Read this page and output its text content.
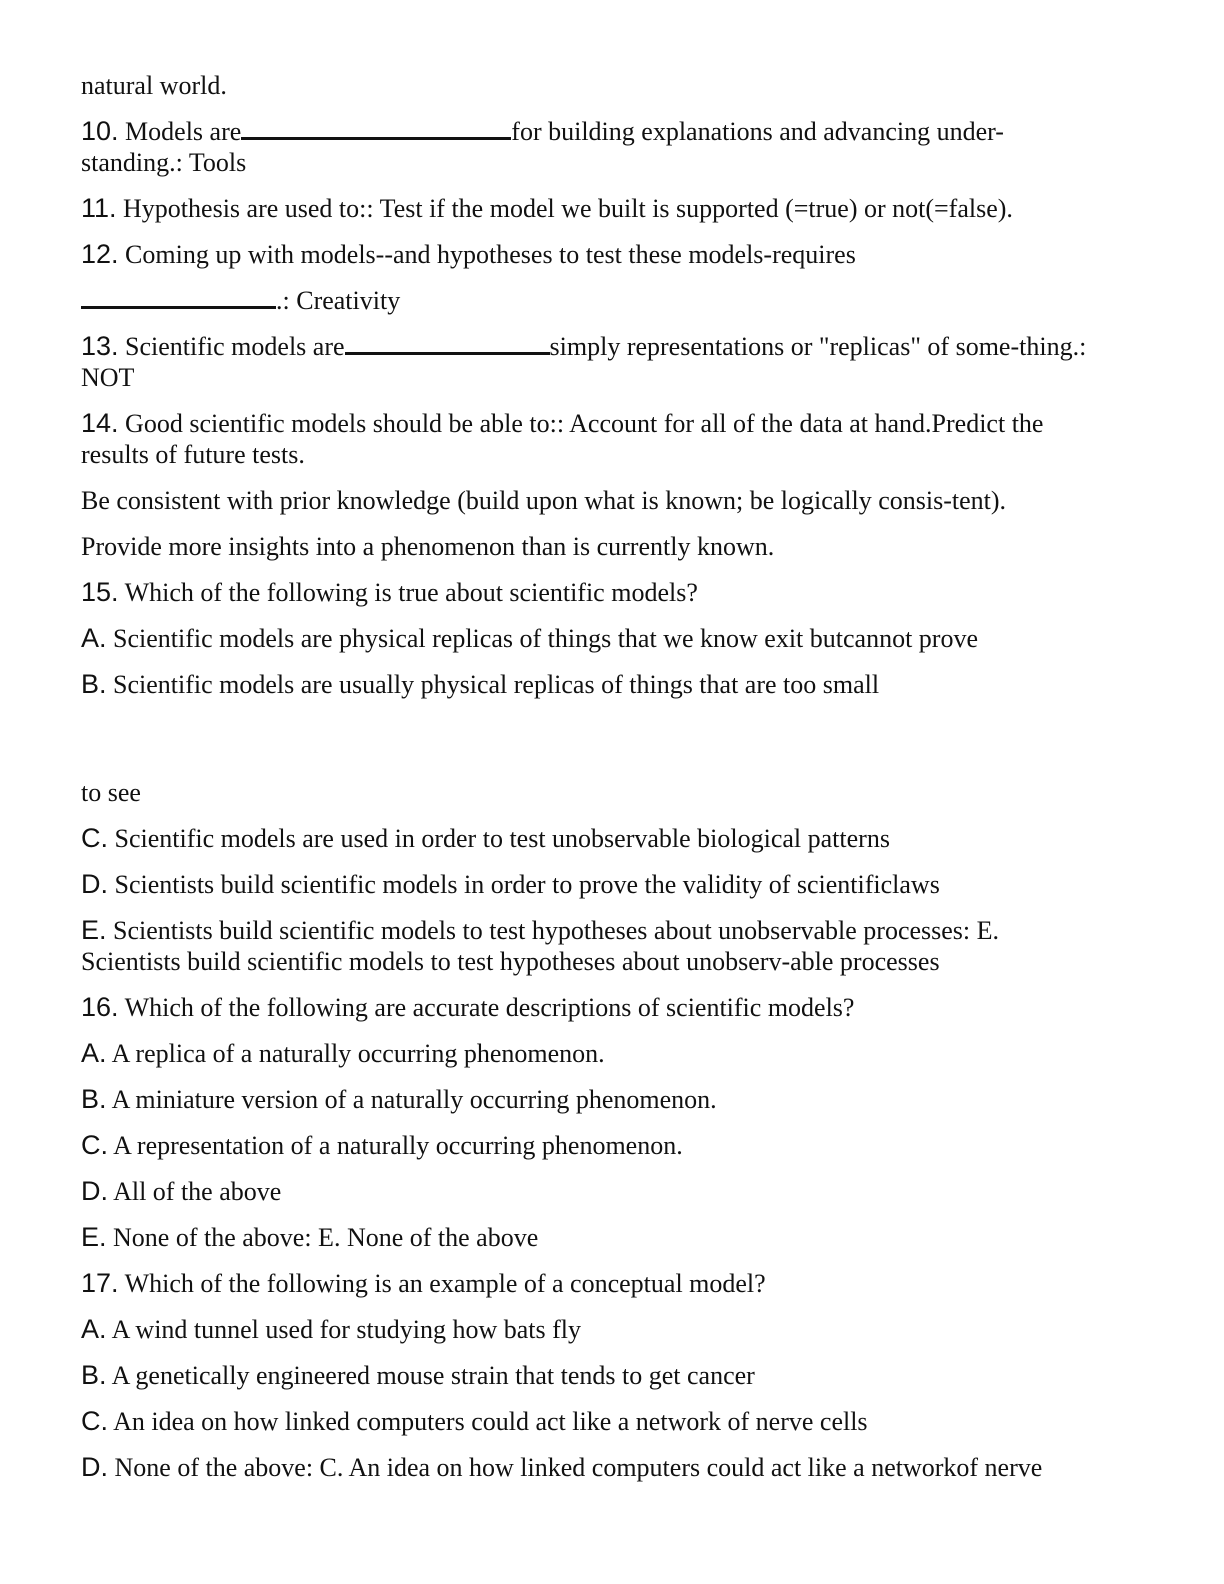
natural world.
10. Models are	for building explanations and advancing under-
standing.: Tools
11. Hypothesis are used to:: Test if the model we built is supported (=true) or not(=false).
12. Coming up with models--and hypotheses to test these models-requires
.: Creativity
13. Scientific models are	simply representations or "replicas" of some-thing.:
NOT
14. Good scientific models should be able to:: Account for all of the data at hand.Predict the
results of future tests.
Be consistent with prior knowledge (build upon what is known; be logically consis-tent).
Provide more insights into a phenomenon than is currently known.
15. Which of the following is true about scientific models?
A. Scientific models are physical replicas of things that we know exit butcannot prove
B. Scientific models are usually physical replicas of things that are too small
to see
C. Scientific models are used in order to test unobservable biological patterns
D. Scientists build scientific models in order to prove the validity of scientificlaws
E. Scientists build scientific models to test hypotheses about unobservable processes: E.
Scientists build scientific models to test hypotheses about unobserv-able processes
16. Which of the following are accurate descriptions of scientific models?
A. A replica of a naturally occurring phenomenon.
B. A miniature version of a naturally occurring phenomenon.
C. A representation of a naturally occurring phenomenon.
D. All of the above
E. None of the above: E. None of the above
17. Which of the following is an example of a conceptual model?
A. A wind tunnel used for studying how bats fly
B. A genetically engineered mouse strain that tends to get cancer
C. An idea on how linked computers could act like a network of nerve cells
D. None of the above: C. An idea on how linked computers could act like a networkof nerve
